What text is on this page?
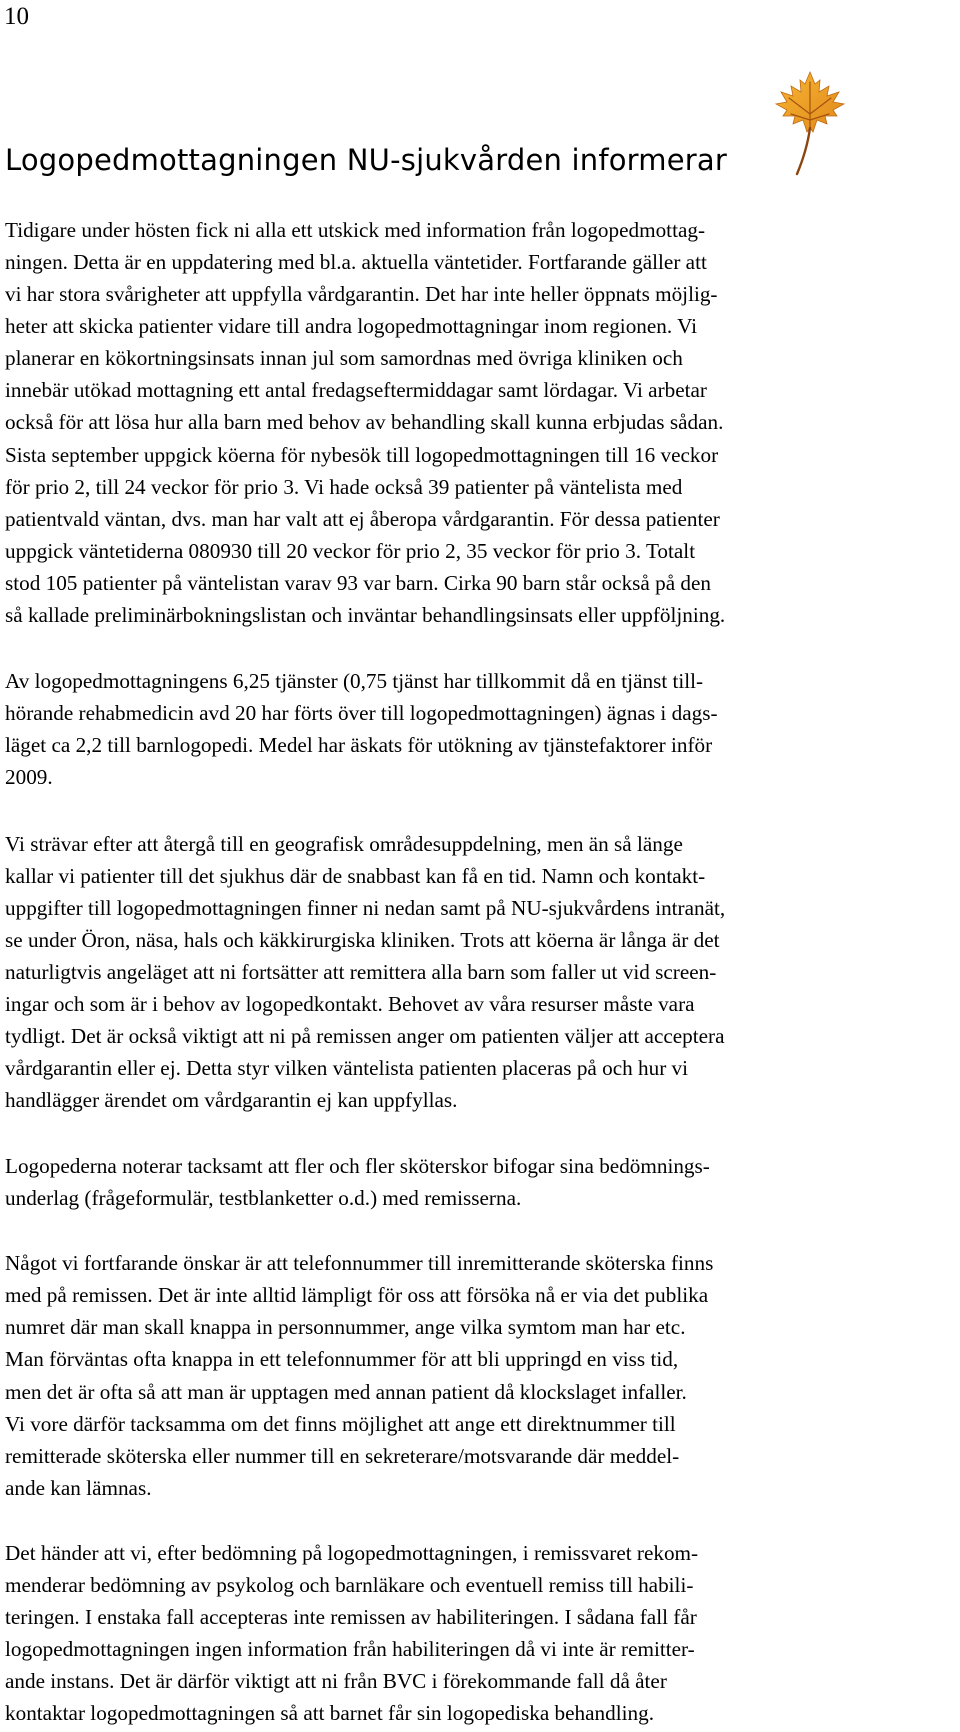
10
Logopedmottagningen NU-sjukvården informerar
Tidigare under hösten fick ni alla ett utskick med information från logopedmottag-
ningen. Detta är en uppdatering med bl.a. aktuella väntetider. Fortfarande gäller att
vi har stora svårigheter att uppfylla vårdgarantin. Det har inte heller öppnats möjlig-
heter att skicka patienter vidare till andra logopedmottagningar inom regionen. Vi
planerar en kökortningsinsats innan jul som samordnas med övriga kliniken och
innebär utökad mottagning ett antal fredagseftermiddagar samt lördagar. Vi arbetar
också för att lösa hur alla barn med behov av behandling skall kunna erbjudas sådan.
Sista september uppgick köerna för nybesök till logopedmottagningen till 16 veckor
för prio 2, till 24 veckor för prio 3. Vi hade också 39 patienter på väntelista med
patientvald väntan, dvs. man har valt att ej åberopa vårdgarantin. För dessa patienter
uppgick väntetiderna 080930 till 20 veckor för prio 2, 35 veckor för prio 3. Totalt
stod 105 patienter på väntelistan varav 93 var barn. Cirka 90 barn står också på den
så kallade preliminärbokningslistan och inväntar behandlingsinsats eller uppföljning.
Av logopedmottagningens 6,25 tjänster (0,75 tjänst har tillkommit då en tjänst till-
hörande rehabmedicin avd 20 har förts över till logopedmottagningen) ägnas i dags-
läget ca 2,2 till barnlogopedi. Medel har äskats för utökning av tjänstefaktorer inför
2009.
Vi strävar efter att återgå till en geografisk områdesuppdelning, men än så länge
kallar vi patienter till det sjukhus där de snabbast kan få en tid. Namn och kontakt-
uppgifter till logopedmottagningen finner ni nedan samt på NU-sjukvårdens intranät,
se under Öron, näsa, hals och käkkirurgiska kliniken. Trots att köerna är långa är det
naturligtvis angeläget att ni fortsätter att remittera alla barn som faller ut vid screen-
ingar och som är i behov av logopedkontakt. Behovet av våra resurser måste vara
tydligt. Det är också viktigt att ni på remissen anger om patienten väljer att acceptera
vårdgarantin eller ej. Detta styr vilken väntelista patienten placeras på och hur vi
handlägger ärendet om vårdgarantin ej kan uppfyllas.
Logopederna noterar tacksamt att fler och fler sköterskor bifogar sina bedömnings-
underlag (frågeformulär, testblanketter o.d.) med remisserna.
Något vi fortfarande önskar är att telefonnummer till inremitterande sköterska finns
med på remissen. Det är inte alltid lämpligt för oss att försöka nå er via det publika
numret där man skall knappa in personnummer, ange vilka symtom man har etc.
Man förväntas ofta knappa in ett telefonnummer för att bli uppringd en viss tid,
men det är ofta så att man är upptagen med annan patient då klockslaget infaller.
Vi vore därför tacksamma om det finns möjlighet att ange ett direktnummer till
remitterade sköterska eller nummer till en sekreterare/motsvarande där meddel-
ande kan lämnas.
Det händer att vi, efter bedömning på logopedmottagningen, i remissvaret rekom-
menderar bedömning av psykolog och barnläkare och eventuell remiss till habili-
teringen. I enstaka fall accepteras inte remissen av habiliteringen. I sådana fall får
logopedmottagningen ingen information från habiliteringen då vi inte är remitter-
ande instans. Det är därför viktigt att ni från BVC i förekommande fall då åter
kontaktar logopedmottagningen så att barnet får sin logopediska behandling.
